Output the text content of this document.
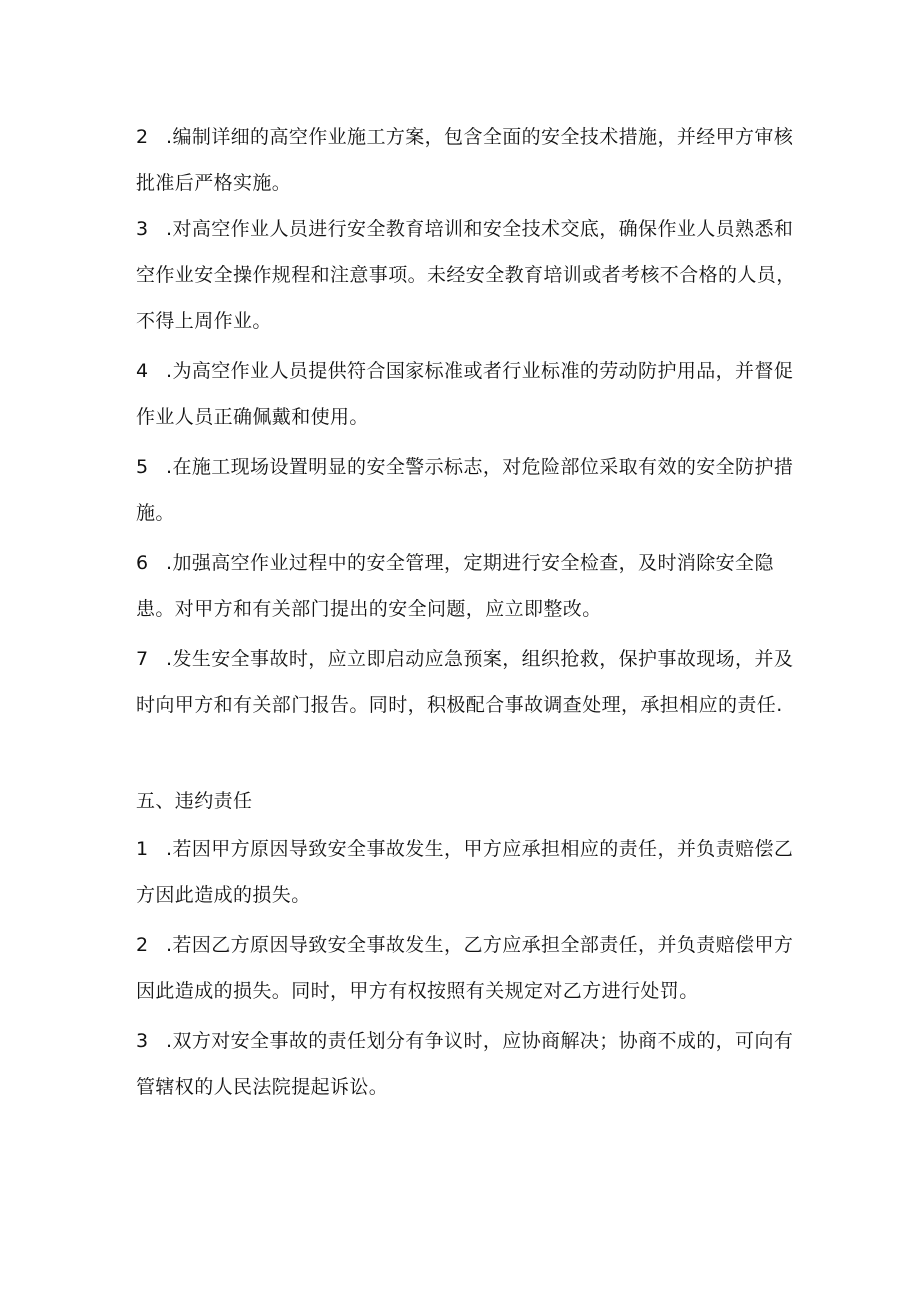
2 .编制详细的高空作业施工方案，包含全面的安全技术措施，并经甲方审核
批准后严格实施。
3 .对高空作业人员进行安全教育培训和安全技术交底，确保作业人员熟悉和
空作业安全操作规程和注意事项。未经安全教育培训或者考核不合格的人员，
不得上周作业。
4 .为高空作业人员提供符合国家标准或者行业标准的劳动防护用品，并督促
作业人员正确佩戴和使用。
5 .在施工现场设置明显的安全警示标志，对危险部位采取有效的安全防护措
施。
6 .加强高空作业过程中的安全管理，定期进行安全检查，及时消除安全隐
患。对甲方和有关部门提出的安全问题，应立即整改。
7 .发生安全事故时，应立即启动应急预案，组织抢救，保护事故现场，并及
时向甲方和有关部门报告。同时，积极配合事故调查处理，承担相应的责任.
五、违约责任
1 .若因甲方原因导致安全事故发生，甲方应承担相应的责任，并负责赔偿乙
方因此造成的损失。
2 .若因乙方原因导致安全事故发生，乙方应承担全部责任，并负责赔偿甲方
因此造成的损失。同时，甲方有权按照有关规定对乙方进行处罚。
3 .双方对安全事故的责任划分有争议时，应协商解决；协商不成的，可向有
管辖权的人民法院提起诉讼。
